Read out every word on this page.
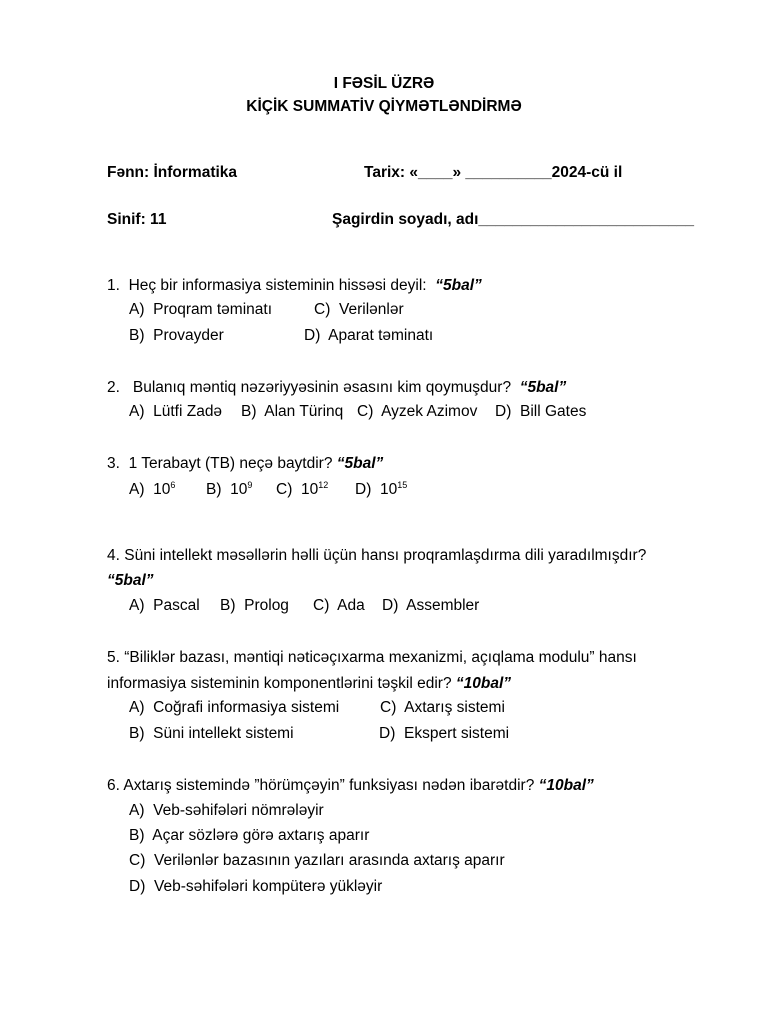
I FƏSİL ÜZRƏ
KİÇİK SUMMATİV QİYMƏTLƏNDİRMƏ
Fənn: İnformatika	Tarix: «____» __________2024-cü il
Sinif: 11	Şagirdin soyadı, adı_________________________
1. Heç bir informasiya sisteminin hissəsi deyil: “5bal”
A) Proqram təminatı	C) Verilənlər
B) Provayder	D) Aparat təminatı
2. Bulanıq məntiq nəzəriyyəsinin əsasını kim qoymuşdur? “5bal”
A) Lütfi Zadə B) Alan Türinq C) Ayzek Azimov D) Bill Gates
3. 1 Terabayt (TB) neçə baytdir? “5bal”
A) $10^6$ B) $10^9$ C) $10^{12}$ D) $10^{15}$
4. Süni intellekt məsəllərin həlli üçün hansı proqramlaşdırma dili yaradılmışdır?
“5bal”
A) Pascal B) Prolog C) Ada D) Assembler
5. “Biliklər bazası, məntiqi nəticəçıxarma mexanizmi, açıqlama modulu” hansı
informasiya sisteminin komponentlərini təşkil edir? “10bal”
A) Coğrafi informasiya sistemi	C) Axtarış sistemi
B) Süni intellekt sistemi	D) Ekspert sistemi
6. Axtarış sistemində ”hörümçəyin” funksiyası nədən ibarətdir? “10bal”
A) Veb-səhifələri nömrələyir
B) Açar sözlərə görə axtarış aparır
C) Verilənlər bazasının yazıları arasında axtarış aparır
D) Veb-səhifələri kompüterə yükləyir
